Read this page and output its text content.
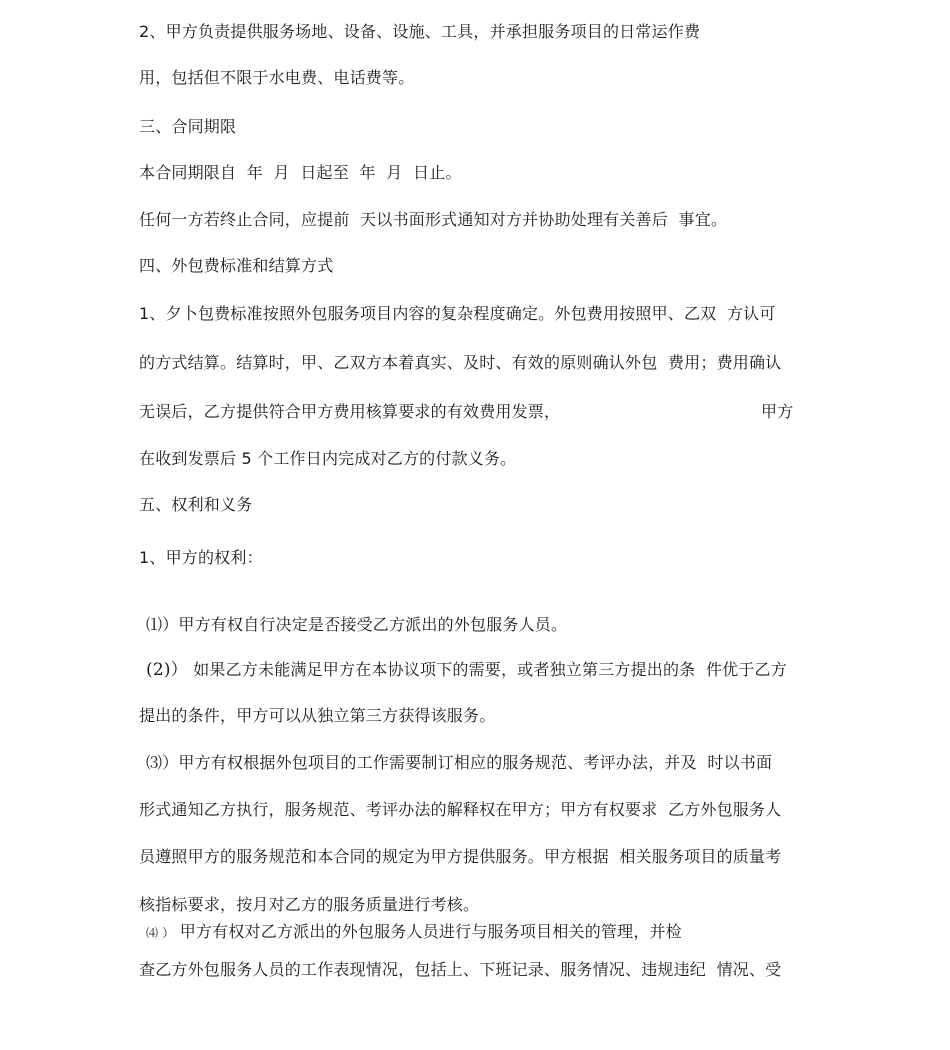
2、甲方负责提供服务场地、设备、设施、工具，并承担服务项目的日常运作费
用，包括但不限于水电费、电话费等。
三、合同期限
本合同期限自  年  月  日起至  年  月  日止。
任何一方若终止合同，应提前  天以书面形式通知对方并协助处理有关善后  事宜。
四、外包费标准和结算方式
1、夕卜包费标准按照外包服务项目内容的复杂程度确定。外包费用按照甲、乙双  方认可
的方式结算。结算时，甲、乙双方本着真实、及时、有效的原则确认外包  费用；费用确认
无误后，乙方提供符合甲方费用核算要求的有效费用发票，	甲方
在收到发票后 5 个工作日内完成对乙方的付款义务。
五、权利和义务
1、甲方的权利：
⑴）甲方有权自行决定是否接受乙方派出的外包服务人员。
(2)） 如果乙方未能满足甲方在本协议项下的需要，或者独立第三方提出的条  件优于乙方
提出的条件，甲方可以从独立第三方获得该服务。
⑶）甲方有权根据外包项目的工作需要制订相应的服务规范、考评办法，并及  时以书面
形式通知乙方执行，服务规范、考评办法的解释权在甲方；甲方有权要求  乙方外包服务人
员遵照甲方的服务规范和本合同的规定为甲方提供服务。甲方根据  相关服务项目的质量考
核指标要求，按月对乙方的服务质量进行考核。
⑷ ） 甲方有权对乙方派出的外包服务人员进行与服务项目相关的管理，并检
查乙方外包服务人员的工作表现情况，包括上、下班记录、服务情况、违规违纪  情况、受
